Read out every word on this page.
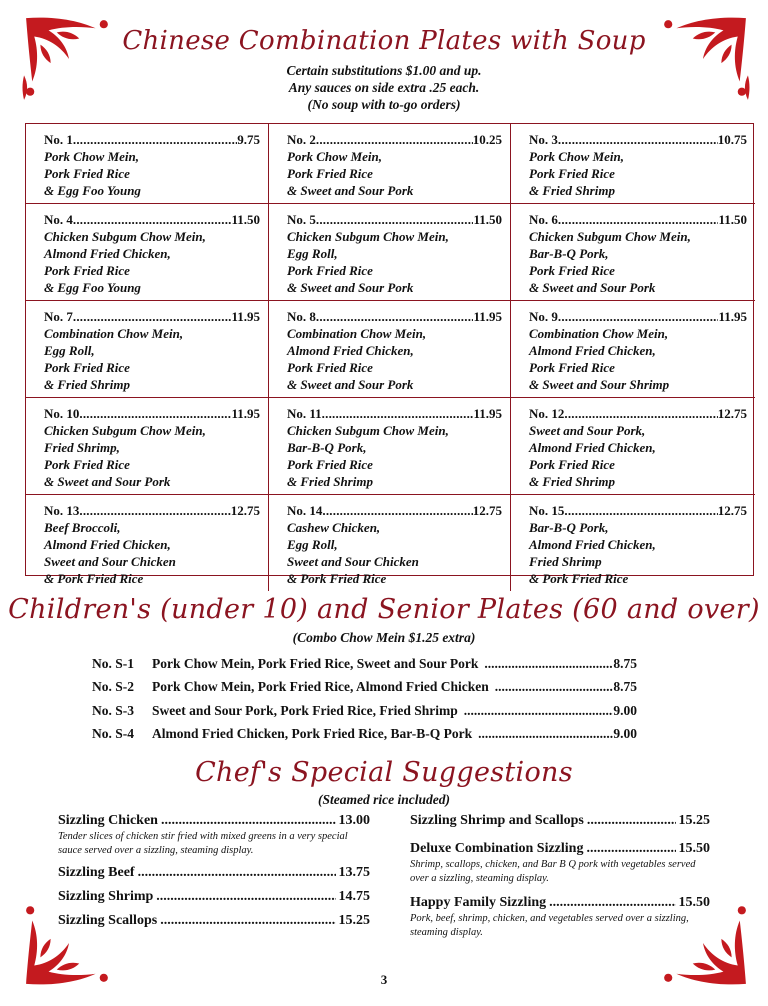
Chinese Combination Plates with Soup
Certain substitutions $1.00 and up.
Any sauces on side extra .25 each.
(No soup with to-go orders)
No. 1 .....	9.75
Pork Chow Mein,
Pork Fried Rice
& Egg Foo Young
No. 2 .....	10.25
Pork Chow Mein,
Pork Fried Rice
& Sweet and Sour Pork
No. 3 .....	10.75
Pork Chow Mein,
Pork Fried Rice
& Fried Shrimp
No. 4 .....	11.50
Chicken Subgum Chow Mein,
Almond Fried Chicken,
Pork Fried Rice
& Egg Foo Young
No. 5 .....	11.50
Chicken Subgum Chow Mein,
Egg Roll,
Pork Fried Rice
& Sweet and Sour Pork
No. 6 .....	11.50
Chicken Subgum Chow Mein,
Bar-B-Q Pork,
Pork Fried Rice
& Sweet and Sour Pork
No. 7 .....	11.95
Combination Chow Mein,
Egg Roll,
Pork Fried Rice
& Fried Shrimp
No. 8 .....	11.95
Combination Chow Mein,
Almond Fried Chicken,
Pork Fried Rice
& Sweet and Sour Pork
No. 9 .....	11.95
Combination Chow Mein,
Almond Fried Chicken,
Pork Fried Rice
& Sweet and Sour Shrimp
No. 10 .....	11.95
Chicken Subgum Chow Mein,
Fried Shrimp,
Pork Fried Rice
& Sweet and Sour Pork
No. 11 .....	11.95
Chicken Subgum Chow Mein,
Bar-B-Q Pork,
Pork Fried Rice
& Fried Shrimp
No. 12 .....	12.75
Sweet and Sour Pork,
Almond Fried Chicken,
Pork Fried Rice
& Fried Shrimp
No. 13 .....	12.75
Beef Broccoli,
Almond Fried Chicken,
Sweet and Sour Chicken
& Pork Fried Rice
No. 14 .....	12.75
Cashew Chicken,
Egg Roll,
Sweet and Sour Chicken
& Pork Fried Rice
No. 15 .....	12.75
Bar-B-Q Pork,
Almond Fried Chicken,
Fried Shrimp
& Pork Fried Rice
Children's (under 10) and Senior Plates (60 and over)
(Combo Chow Mein $1.25 extra)
No. S-1	Pork Chow Mein, Pork Fried Rice, Sweet and Sour Pork .....	8.75
No. S-2	Pork Chow Mein, Pork Fried Rice, Almond Fried Chicken .....	8.75
No. S-3	Sweet and Sour Pork, Pork Fried Rice, Fried Shrimp .....	9.00
No. S-4	Almond Fried Chicken, Pork Fried Rice, Bar-B-Q Pork .....	9.00
Chef's Special Suggestions
(Steamed rice included)
Sizzling Chicken .....	13.00
Tender slices of chicken stir fried with mixed greens in a very special sauce served over a sizzling, steaming display.
Sizzling Beef .....	13.75
Sizzling Shrimp .....	14.75
Sizzling Scallops .....	15.25
Sizzling Shrimp and Scallops .....	15.25
Deluxe Combination Sizzling .....	15.50
Shrimp, scallops, chicken, and Bar B Q pork with vegetables served over a sizzling, steaming display.
Happy Family Sizzling .....	15.50
Pork, beef, shrimp, chicken, and vegetables served over a sizzling, steaming display.
3
